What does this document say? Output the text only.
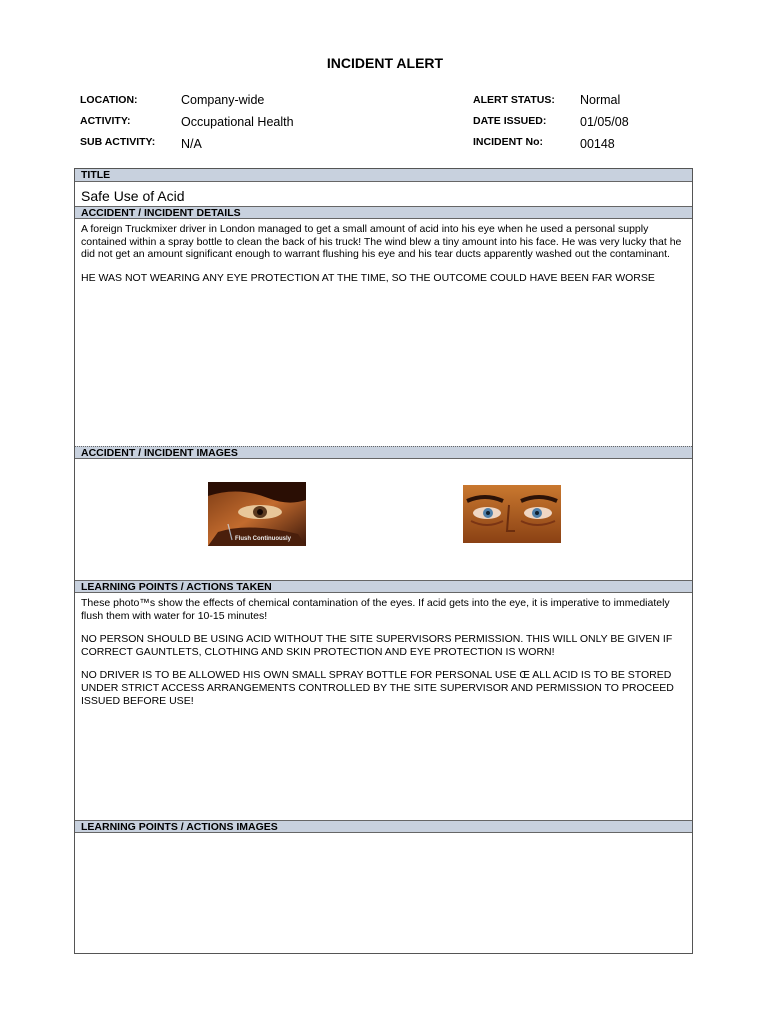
INCIDENT ALERT
LOCATION:	Company-wide
ACTIVITY:	Occupational Health
SUB ACTIVITY: N/A
ALERT STATUS: Normal
DATE ISSUED:	01/05/08
INCIDENT No:	00148
TITLE
Safe Use of Acid
ACCIDENT / INCIDENT DETAILS

A foreign Truckmixer driver in London managed to get a small amount of acid into his eye when he used a personal supply contained within a spray bottle to clean the back of his truck! The wind blew a tiny amount into his face. He was very lucky that he did not get an amount significant enough to warrant flushing his eye and his tear ducts apparently washed out the contaminant.

HE WAS NOT WEARING ANY EYE PROTECTION AT THE TIME, SO THE OUTCOME COULD HAVE BEEN FAR WORSE

ACCIDENT / INCIDENT IMAGES
Flush Continuously
LEARNING POINTS / ACTIONS TAKEN

These photo™s show the effects of chemical contamination of the eyes. If acid gets into the eye, it is imperative to immediately flush them with water for 10-15 minutes!

NO PERSON SHOULD BE USING ACID WITHOUT THE SITE SUPERVISORS PERMISSION. THIS WILL ONLY BE GIVEN IF CORRECT GAUNTLETS, CLOTHING AND SKIN PROTECTION AND EYE PROTECTION IS WORN!

NO DRIVER IS TO BE ALLOWED HIS OWN SMALL SPRAY BOTTLE FOR PERSONAL USE Œ ALL ACID IS TO BE STORED UNDER STRICT ACCESS ARRANGEMENTS CONTROLLED BY THE SITE SUPERVISOR AND PERMISSION TO PROCEED ISSUED BEFORE USE!

LEARNING POINTS / ACTIONS IMAGES
